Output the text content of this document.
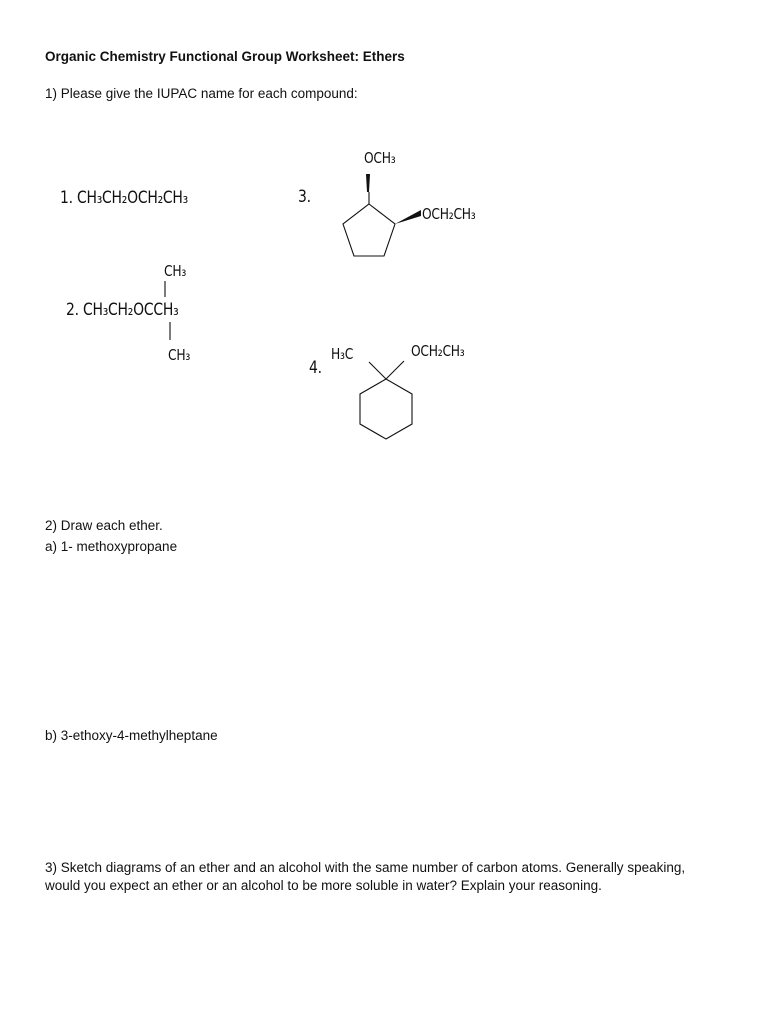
Organic Chemistry Functional Group Worksheet: Ethers
1) Please give the IUPAC name for each compound:
1. CH₃CH₂OCH₂CH₃
CH₃
2. CH₃CH₂OCCH₃
CH₃
3.
OCH₃
OCH₂CH₃
4.
H₃C	OCH₂CH₃
2) Draw each ether.
a) 1- methoxypropane
b) 3-ethoxy-4-methylheptane
3) Sketch diagrams of an ether and an alcohol with the same number of carbon atoms. Generally speaking, would you expect an ether or an alcohol to be more soluble in water? Explain your reasoning.
